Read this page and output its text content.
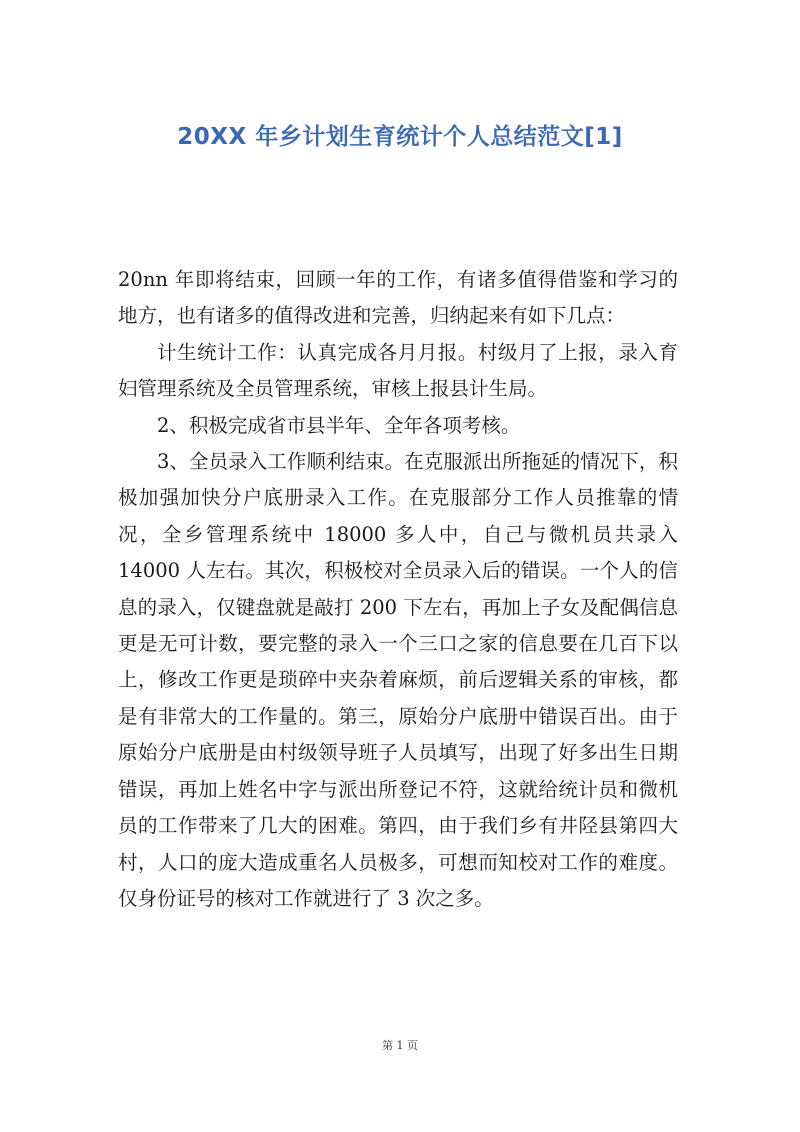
20XX 年乡计划生育统计个人总结范文[1]

20nn 年即将结束，回顾一年的工作，有诸多值得借鉴和学习的地方，也有诸多的值得改进和完善，归纳起来有如下几点：

计生统计工作：认真完成各月月报。村级月了上报，录入育妇管理系统及全员管理系统，审核上报县计生局。

2、积极完成省市县半年、全年各项考核。

3、全员录入工作顺利结束。在克服派出所拖延的情况下，积极加强加快分户底册录入工作。在克服部分工作人员推靠的情况，全乡管理系统中 18000 多人中，自己与微机员共录入 14000 人左右。其次，积极校对全员录入后的错误。一个人的信息的录入，仅键盘就是敲打 200 下左右，再加上子女及配偶信息更是无可计数，要完整的录入一个三口之家的信息要在几百下以上，修改工作更是琐碎中夹杂着麻烦，前后逻辑关系的审核，都是有非常大的工作量的。第三，原始分户底册中错误百出。由于原始分户底册是由村级领导班子人员填写，出现了好多出生日期错误，再加上姓名中字与派出所登记不符，这就给统计员和微机员的工作带来了几大的困难。第四，由于我们乡有井陉县第四大村，人口的庞大造成重名人员极多，可想而知校对工作的难度。仅身份证号的核对工作就进行了 3 次之多。

第 1 页
